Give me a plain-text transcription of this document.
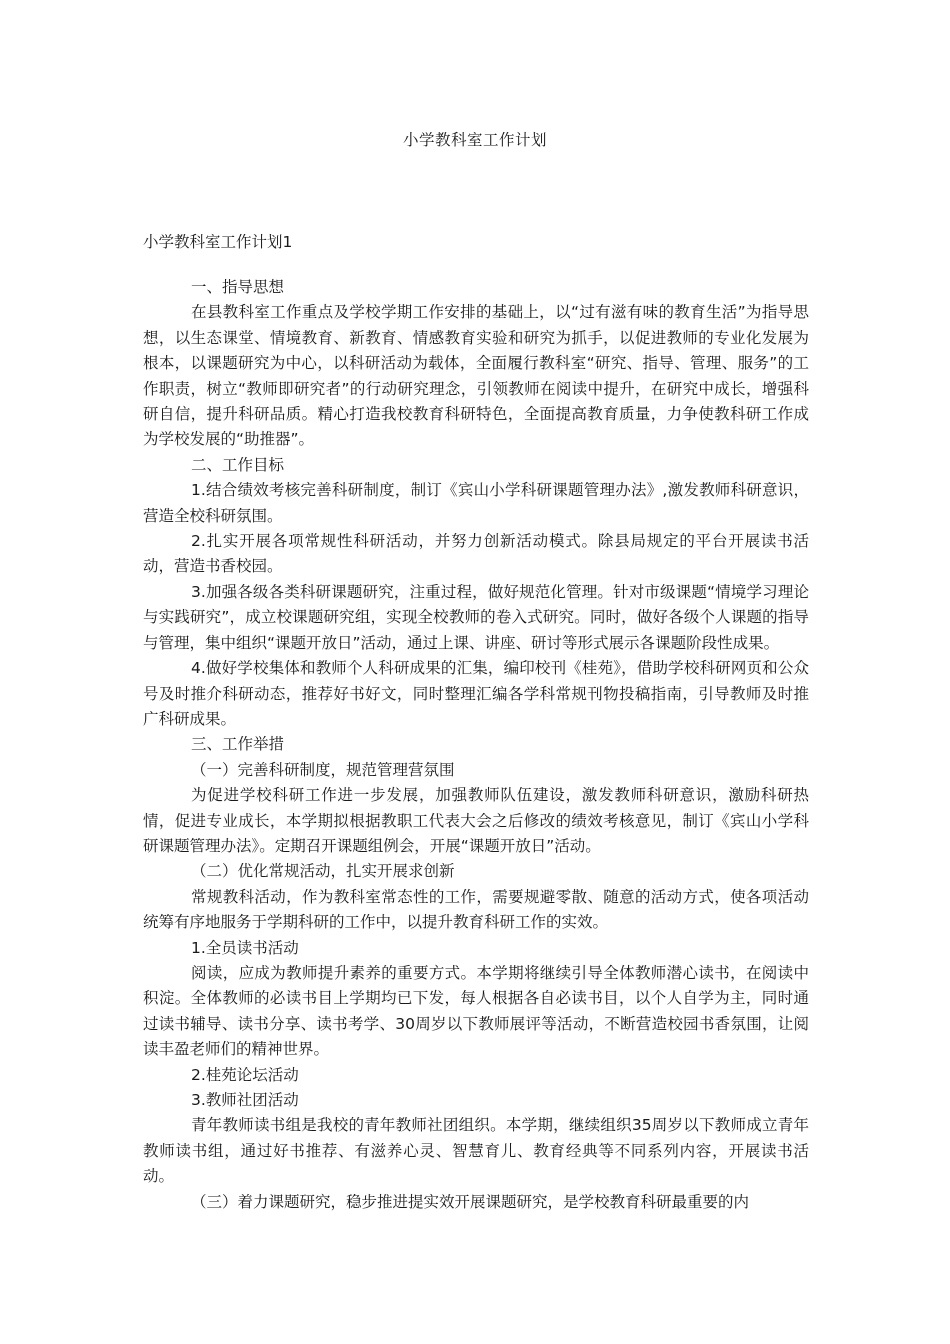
小学教科室工作计划
小学教科室工作计划1

一、指导思想

在县教科室工作重点及学校学期工作安排的基础上，以“过有滋有味的教育生活”为指导思想，以生态课堂、情境教育、新教育、情感教育实验和研究为抓手，以促进教师的专业化发展为根本，以课题研究为中心，以科研活动为载体，全面履行教科室“研究、指导、管理、服务”的工作职责，树立“教师即研究者”的行动研究理念，引领教师在阅读中提升，在研究中成长，增强科研自信，提升科研品质。精心打造我校教育科研特色，全面提高教育质量，力争使教科研工作成为学校发展的“助推器”。

二、工作目标

1.结合绩效考核完善科研制度，制订《宾山小学科研课题管理办法》,激发教师科研意识，营造全校科研氛围。

2.扎实开展各项常规性科研活动，并努力创新活动模式。除县局规定的平台开展读书活动，营造书香校园。

3.加强各级各类科研课题研究，注重过程，做好规范化管理。针对市级课题“情境学习理论与实践研究”，成立校课题研究组，实现全校教师的卷入式研究。同时，做好各级个人课题的指导与管理，集中组织“课题开放日”活动，通过上课、讲座、研讨等形式展示各课题阶段性成果。

4.做好学校集体和教师个人科研成果的汇集，编印校刊《桂苑》，借助学校科研网页和公众号及时推介科研动态，推荐好书好文，同时整理汇编各学科常规刊物投稿指南，引导教师及时推广科研成果。

三、工作举措

（一）完善科研制度，规范管理营氛围

为促进学校科研工作进一步发展，加强教师队伍建设，激发教师科研意识，激励科研热情，促进专业成长，本学期拟根据教职工代表大会之后修改的绩效考核意见，制订《宾山小学科研课题管理办法》。定期召开课题组例会，开展“课题开放日”活动。

（二）优化常规活动，扎实开展求创新

常规教科活动，作为教科室常态性的工作，需要规避零散、随意的活动方式，使各项活动统筹有序地服务于学期科研的工作中，以提升教育科研工作的实效。

1.全员读书活动

阅读，应成为教师提升素养的重要方式。本学期将继续引导全体教师潜心读书，在阅读中积淀。全体教师的必读书目上学期均已下发，每人根据各自必读书目，以个人自学为主，同时通过读书辅导、读书分享、读书考学、30周岁以下教师展评等活动，不断营造校园书香氛围，让阅读丰盈老师们的精神世界。

2.桂苑论坛活动

3.教师社团活动

青年教师读书组是我校的青年教师社团组织。本学期，继续组织35周岁以下教师成立青年教师读书组，通过好书推荐、有滋养心灵、智慧育儿、教育经典等不同系列内容，开展读书活动。

（三）着力课题研究，稳步推进提实效开展课题研究，是学校教育科研最重要的内
